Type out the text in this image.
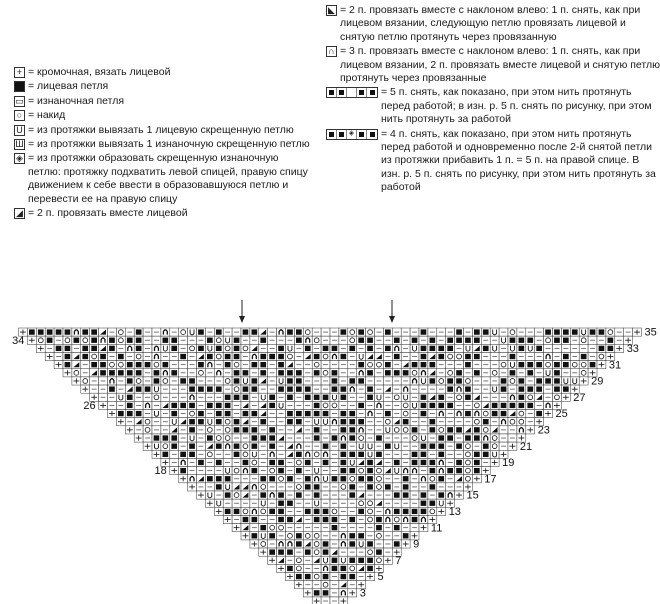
+ = кромочная, вязать лицевой
= лицевая петля
▭ = изнаночная петля
○ = накид
U = из протяжки вывязать 1 лицевую скрещенную петлю
Ш = из протяжки вывязать 1 изнаночную скрещенную петлю
◈ = из протяжки образовать скрещенную изнаночную петлю: протяжку подхватить левой спицей, правую спицу движением к себе ввести в образовавшуюся петлю и перевести ее на правую спицу
◢ = 2 п. провязать вместе лицевой
◣ = 2 п. провязать вместе с наклоном влево: 1 п. снять, как при лицевом вязании, следующую петлю провязать лицевой и снятую петлю протянуть через провязанную
∩ = 3 п. провязать вместе с наклоном влево: 1 п. снять, как при лицевом вязании, 2 п. провязать вместе лицевой и снятую петлю протянуть через провязанные
= 5 п. снять, как показано, при этом нить протянуть перед работой; в изн. р. 5 п. снять по рисунку, при этом нить протянуть за работой
◈	= 4 п. снять, как показано, при этом нить протянуть перед работой и одновременно после 2-й снятой петли из протяжки прибавить 1 п. = 5 п. на правой спице. В изн. р. 5 п. снять по рисунку, при этом нить протянуть за работой
35
33
31
29
27
25
23
21
19
17
15
13
11
9
7
5
3
34
26
18
